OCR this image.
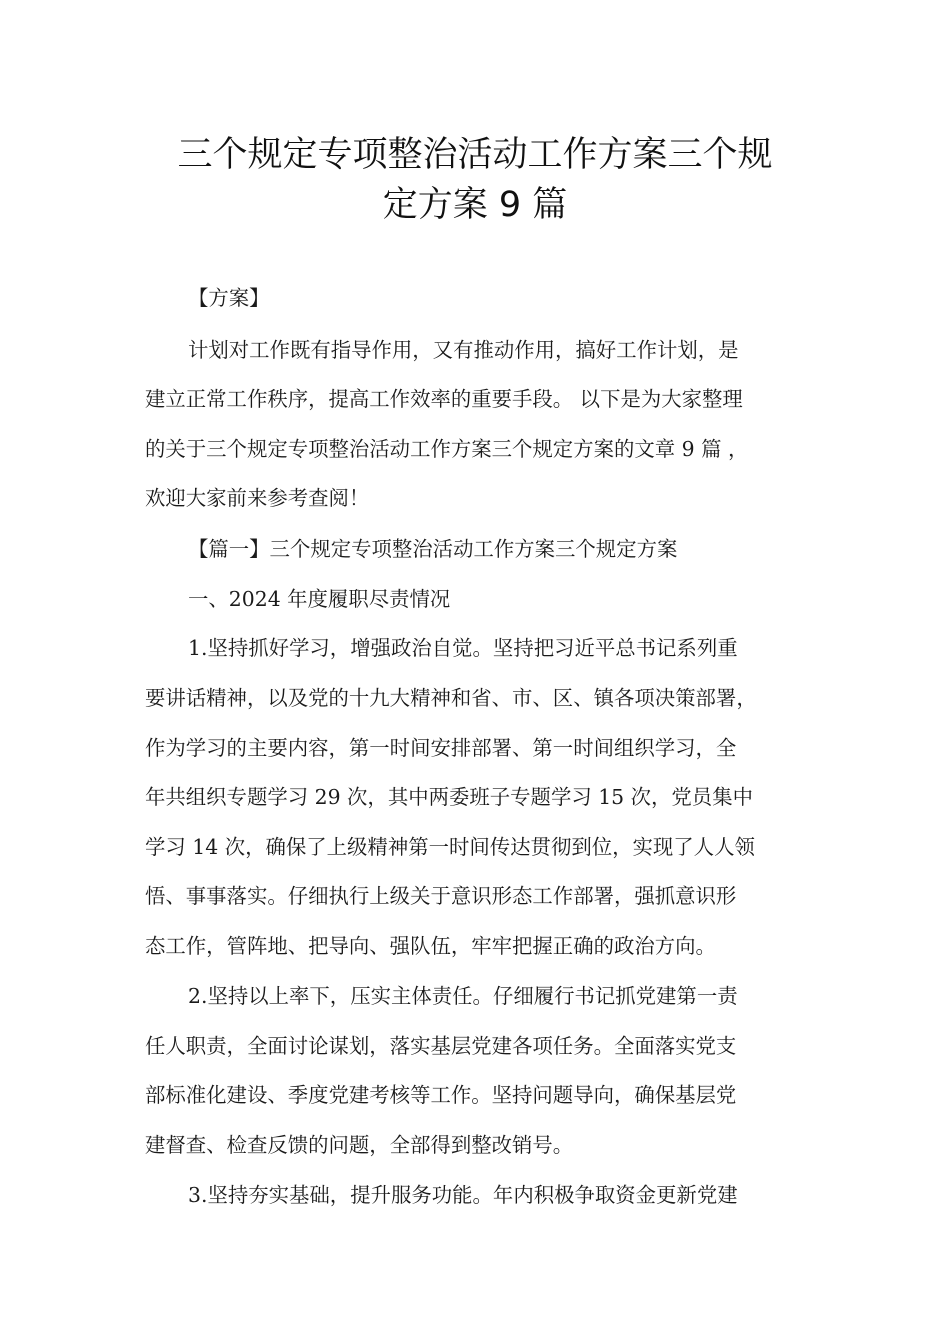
三个规定专项整治活动工作方案三个规
定方案 9 篇
【方案】
计划对工作既有指导作用，又有推动作用，搞好工作计划，是
建立正常工作秩序，提高工作效率的重要手段。 以下是为大家整理
的关于三个规定专项整治活动工作方案三个规定方案的文章 9 篇 ，
欢迎大家前来参考查阅！
【篇一】三个规定专项整治活动工作方案三个规定方案
一、2024 年度履职尽责情况
1.坚持抓好学习，增强政治自觉。坚持把习近平总书记系列重
要讲话精神，以及党的十九大精神和省、市、区、镇各项决策部署，
作为学习的主要内容，第一时间安排部署、第一时间组织学习，全
年共组织专题学习 29 次，其中两委班子专题学习 15 次，党员集中
学习 14 次，确保了上级精神第一时间传达贯彻到位，实现了人人领
悟、事事落实。仔细执行上级关于意识形态工作部署，强抓意识形
态工作，管阵地、把导向、强队伍，牢牢把握正确的政治方向。
2.坚持以上率下，压实主体责任。仔细履行书记抓党建第一责
任人职责，全面讨论谋划，落实基层党建各项任务。全面落实党支
部标准化建设、季度党建考核等工作。坚持问题导向，确保基层党
建督查、检查反馈的问题，全部得到整改销号。
3.坚持夯实基础，提升服务功能。年内积极争取资金更新党建
